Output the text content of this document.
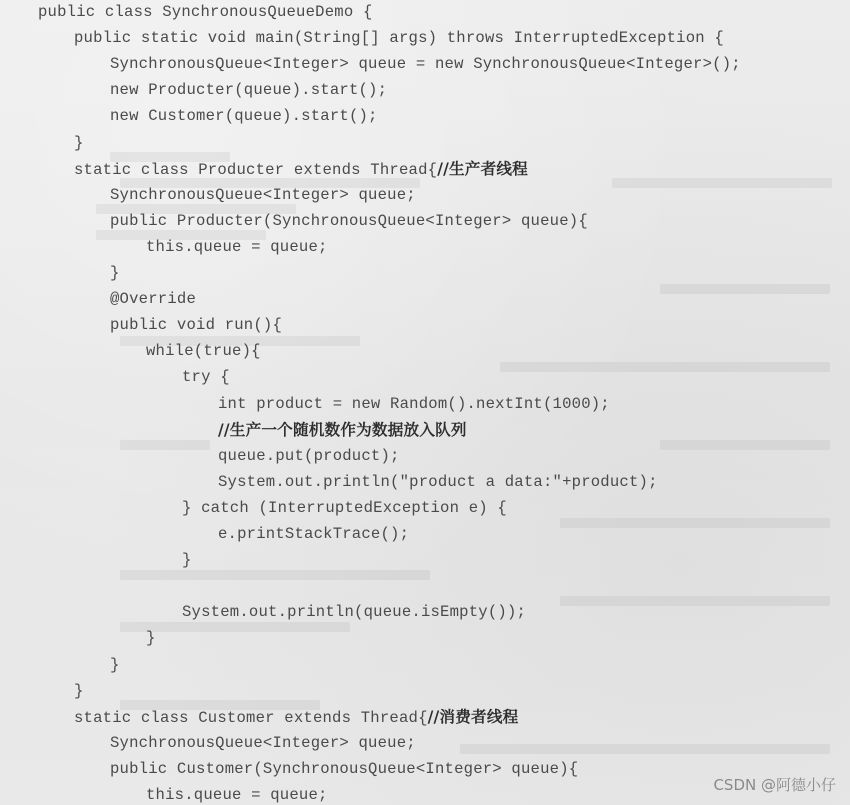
public class SynchronousQueueDemo {
public static void main(String[] args) throws InterruptedException {
SynchronousQueue<Integer> queue = new SynchronousQueue<Integer>();
new Producter(queue).start();
new Customer(queue).start();
}
static class Producter extends Thread{//生产者线程
SynchronousQueue<Integer> queue;
public Producter(SynchronousQueue<Integer> queue){
this.queue = queue;
}
@Override
public void run(){
while(true){
try {
int product = new Random().nextInt(1000);
//生产一个随机数作为数据放入队列
queue.put(product);
System.out.println("product a data:"+product);
} catch (InterruptedException e) {
e.printStackTrace();
}
System.out.println(queue.isEmpty());
}
}
}
static class Customer extends Thread{//消费者线程
SynchronousQueue<Integer> queue;
public Customer(SynchronousQueue<Integer> queue){
this.queue = queue;
CSDN @阿德小仔
